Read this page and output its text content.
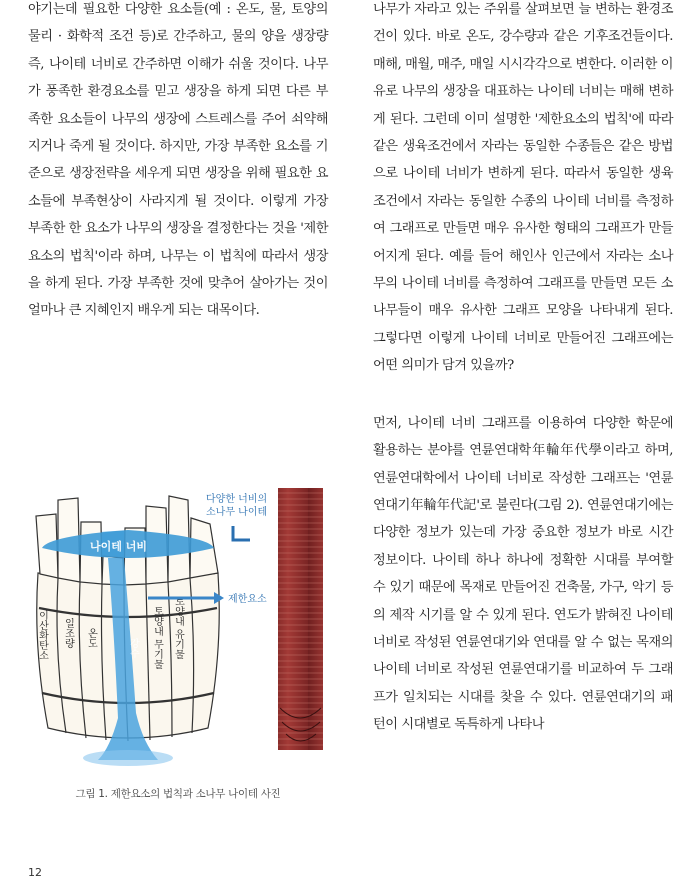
야기는데 필요한 다양한 요소들(예 : 온도, 물, 토양의 물리 · 화학적 조건 등)로 간주하고, 물의 양을 생장량 즉, 나이테 너비로 간주하면 이해가 쉬울 것이다. 나무가 풍족한 환경요소를 믿고 생장을 하게 되면 다른 부족한 요소들이 나무의 생장에 스트레스를 주어 쇠약해지거나 죽게 될 것이다. 하지만, 가장 부족한 요소를 기준으로 생장전략을 세우게 되면 생장을 위해 필요한 요소들에 부족현상이 사라지게 될 것이다. 이렇게 가장 부족한 한 요소가 나무의 생장을 결정한다는 것을 '제한요소의 법칙'이라 하며, 나무는 이 법칙에 따라서 생장을 하게 된다. 가장 부족한 것에 맞추어 살아가는 것이 얼마나 큰 지혜인지 배우게 되는 대목이다.

나무가 자라고 있는 주위를 살펴보면 늘 변하는 환경조건이 있다. 바로 온도, 강수량과 같은 기후조건들이다. 매해, 매월, 매주, 매일 시시각각으로 변한다. 이러한 이유로 나무의 생장을 대표하는 나이테 너비는 매해 변하게 된다. 그런데 이미 설명한 '제한요소의 법칙'에 따라 같은 생육조건에서 자라는 동일한 수종들은 같은 방법으로 나이테 너비가 변하게 된다. 따라서 동일한 생육조건에서 자라는 동일한 수종의 나이테 너비를 측정하여 그래프로 만들면 매우 유사한 형태의 그래프가 만들어지게 된다. 예를 들어 해인사 인근에서 자라는 소나무의 나이테 너비를 측정하여 그래프를 만들면 모든 소나무들이 매우 유사한 그래프 모양을 나타내게 된다. 그렇다면 이렇게 나이테 너비로 만들어진 그래프에는 어떤 의미가 담겨 있을까?

먼저, 나이테 너비 그래프를 이용하여 다양한 학문에 활용하는 분야를 연륜연대학年輪年代學이라고 하며, 연륜연대학에서 나이테 너비로 작성한 그래프는 '연륜연대기年輪年代記'로 불린다(그림 2). 연륜연대기에는 다양한 정보가 있는데 가장 중요한 정보가 바로 시간 정보이다. 나이테 하나 하나에 정확한 시대를 부여할 수 있기 때문에 목재로 만들어진 건축물, 가구, 악기 등의 제작 시기를 알 수 있게 된다. 연도가 밝혀진 나이테 너비로 작성된 연륜연대기와 연대를 알 수 없는 목재의 나이테 너비로 작성된 연륜연대기를 비교하여 두 그래프가 일치되는 시대를 찾을 수 있다. 연륜연대기의 패턴이 시대별로 독특하게 나타나

나이테 너비
이산화탄소 일조량 온도	강수 토양내 무기물 토양내 유기물
다양한 너비의
소나무 나이테
제한요소
그림 1. 제한요소의 법칙과 소나무 나이테 사진
12
